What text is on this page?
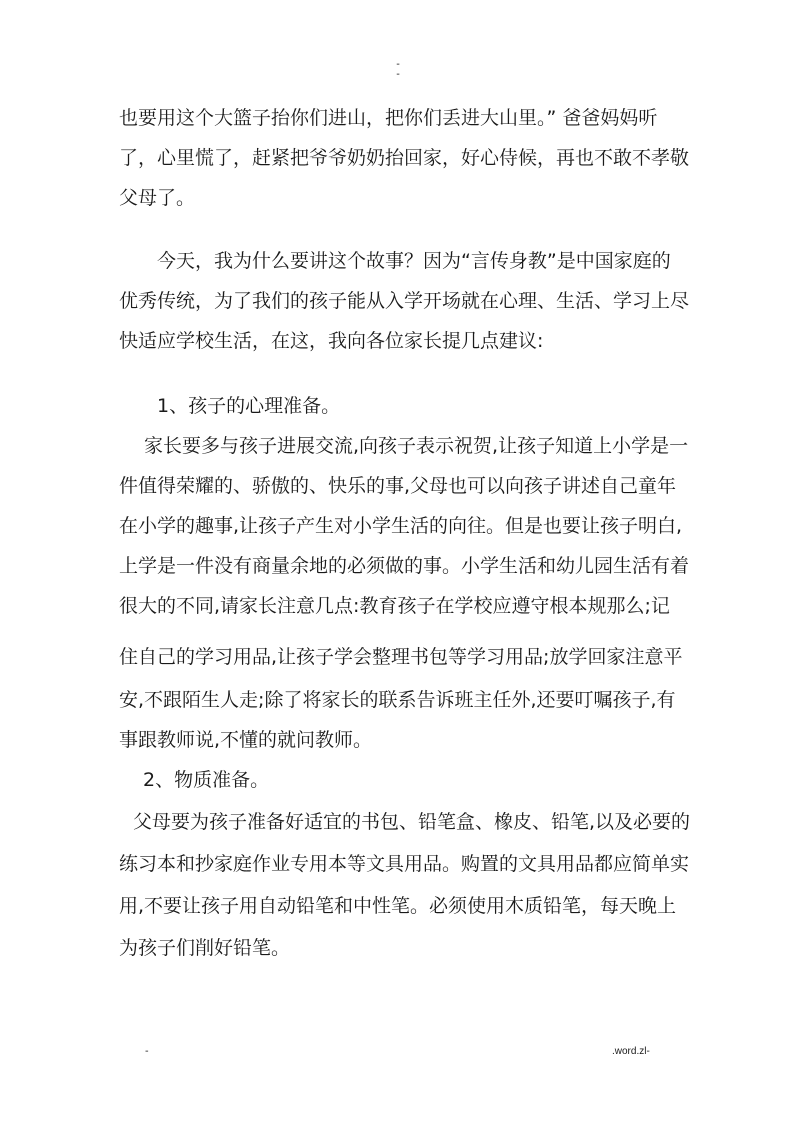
- -
也要用这个大篮子抬你们进山，把你们丢进大山里。” 爸爸妈妈听
了，心里慌了，赶紧把爷爷奶奶抬回家，好心侍候，再也不敢不孝敬
父母了。
今天，我为什么要讲这个故事？因为“言传身教”是中国家庭的
优秀传统，为了我们的孩子能从入学开场就在心理、生活、学习上尽
快适应学校生活，在这，我向各位家长提几点建议:
1、孩子的心理准备。
家长要多与孩子进展交流,向孩子表示祝贺,让孩子知道上小学是一
件值得荣耀的、骄傲的、快乐的事,父母也可以向孩子讲述自己童年
在小学的趣事,让孩子产生对小学生活的向往。但是也要让孩子明白,
上学是一件没有商量余地的必须做的事。小学生活和幼儿园生活有着
很大的不同,请家长注意几点:教育孩子在学校应遵守根本规那么;记
住自己的学习用品,让孩子学会整理书包等学习用品;放学回家注意平
安,不跟陌生人走;除了将家长的联系告诉班主任外,还要叮嘱孩子,有
事跟教师说,不懂的就问教师。
2、物质准备。
父母要为孩子准备好适宜的书包、铅笔盒、橡皮、铅笔,以及必要的
练习本和抄家庭作业专用本等文具用品。购置的文具用品都应简单实
用,不要让孩子用自动铅笔和中性笔。必须使用木质铅笔，每天晚上
为孩子们削好铅笔。
-	.word.zl-
